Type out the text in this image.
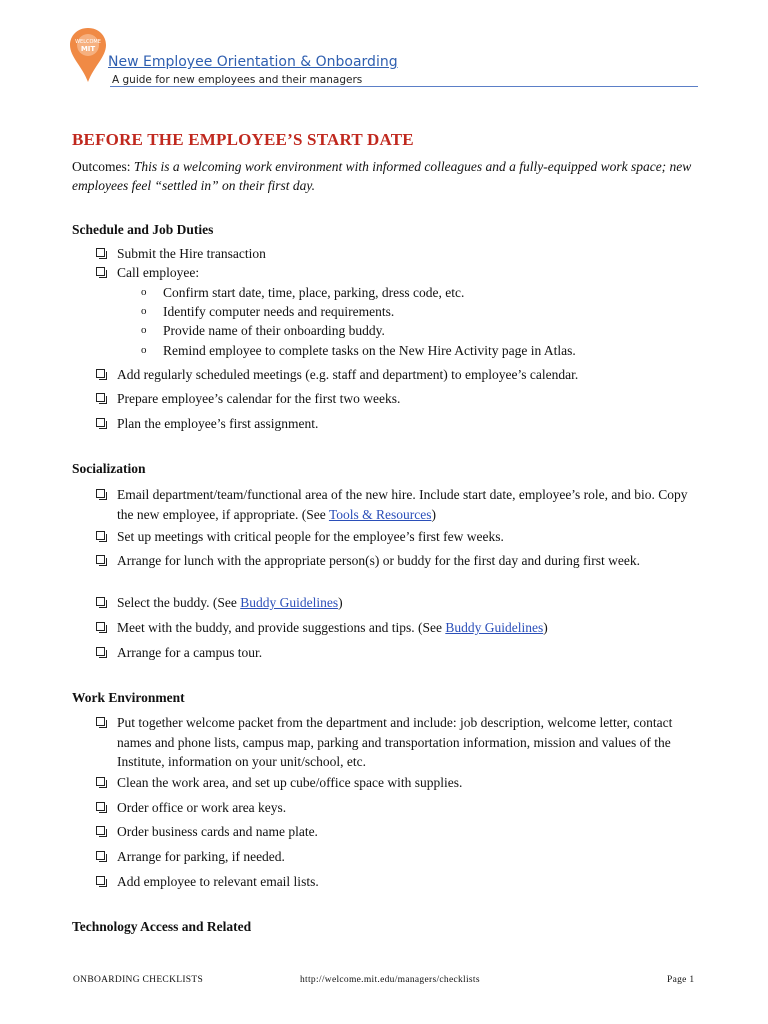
WELCOME
MIT
New Employee Orientation & Onboarding
A guide for new employees and their managers
BEFORE THE EMPLOYEE’S START DATE
Outcomes: This is a welcoming work environment with informed colleagues and a fully-equipped work space; new employees feel “settled in” on their first day.
Schedule and Job Duties
Submit the Hire transaction
Call employee:
o Confirm start date, time, place, parking, dress code, etc.
o Identify computer needs and requirements.
o Provide name of their onboarding buddy.
o Remind employee to complete tasks on the New Hire Activity page in Atlas.
Add regularly scheduled meetings (e.g. staff and department) to employee’s calendar.
Prepare employee’s calendar for the first two weeks.
Plan the employee’s first assignment.
Socialization
Email department/team/functional area of the new hire. Include start date, employee’s role, and bio. Copy the new employee, if appropriate. (See Tools & Resources)
Set up meetings with critical people for the employee’s first few weeks.
Arrange for lunch with the appropriate person(s) or buddy for the first day and during first week.
Select the buddy. (See Buddy Guidelines)
Meet with the buddy, and provide suggestions and tips. (See Buddy Guidelines)
Arrange for a campus tour.
Work Environment
Put together welcome packet from the department and include: job description, welcome letter, contact names and phone lists, campus map, parking and transportation information, mission and values of the Institute, information on your unit/school, etc.
Clean the work area, and set up cube/office space with supplies.
Order office or work area keys.
Order business cards and name plate.
Arrange for parking, if needed.
Add employee to relevant email lists.
Technology Access and Related
ONBOARDING CHECKLISTS	http://welcome.mit.edu/managers/checklists	Page 1
